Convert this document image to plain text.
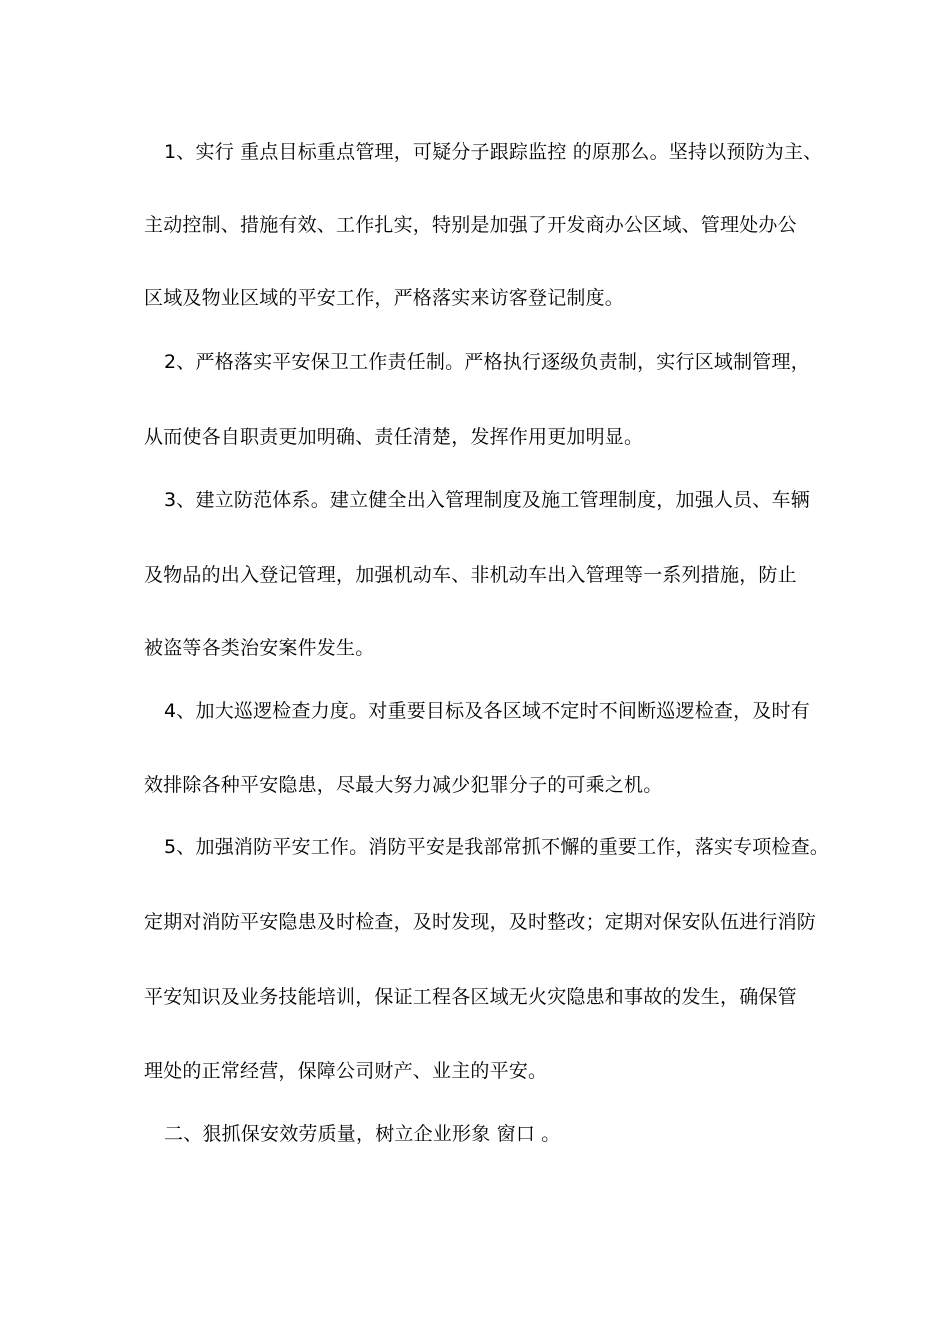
1、实行 重点目标重点管理，可疑分子跟踪监控 的原那么。坚持以预防为主、
主动控制、措施有效、工作扎实，特别是加强了开发商办公区域、管理处办公
区域及物业区域的平安工作，严格落实来访客登记制度。
2、严格落实平安保卫工作责任制。严格执行逐级负责制，实行区域制管理，
从而使各自职责更加明确、责任清楚，发挥作用更加明显。
3、建立防范体系。建立健全出入管理制度及施工管理制度，加强人员、车辆
及物品的出入登记管理，加强机动车、非机动车出入管理等一系列措施，防止
被盗等各类治安案件发生。
4、加大巡逻检查力度。对重要目标及各区域不定时不间断巡逻检查，及时有
效排除各种平安隐患，尽最大努力减少犯罪分子的可乘之机。
5、加强消防平安工作。消防平安是我部常抓不懈的重要工作，落实专项检查。
定期对消防平安隐患及时检查，及时发现，及时整改；定期对保安队伍进行消防
平安知识及业务技能培训，保证工程各区域无火灾隐患和事故的发生，确保管
理处的正常经营，保障公司财产、业主的平安。
二、狠抓保安效劳质量，树立企业形象 窗口 。
